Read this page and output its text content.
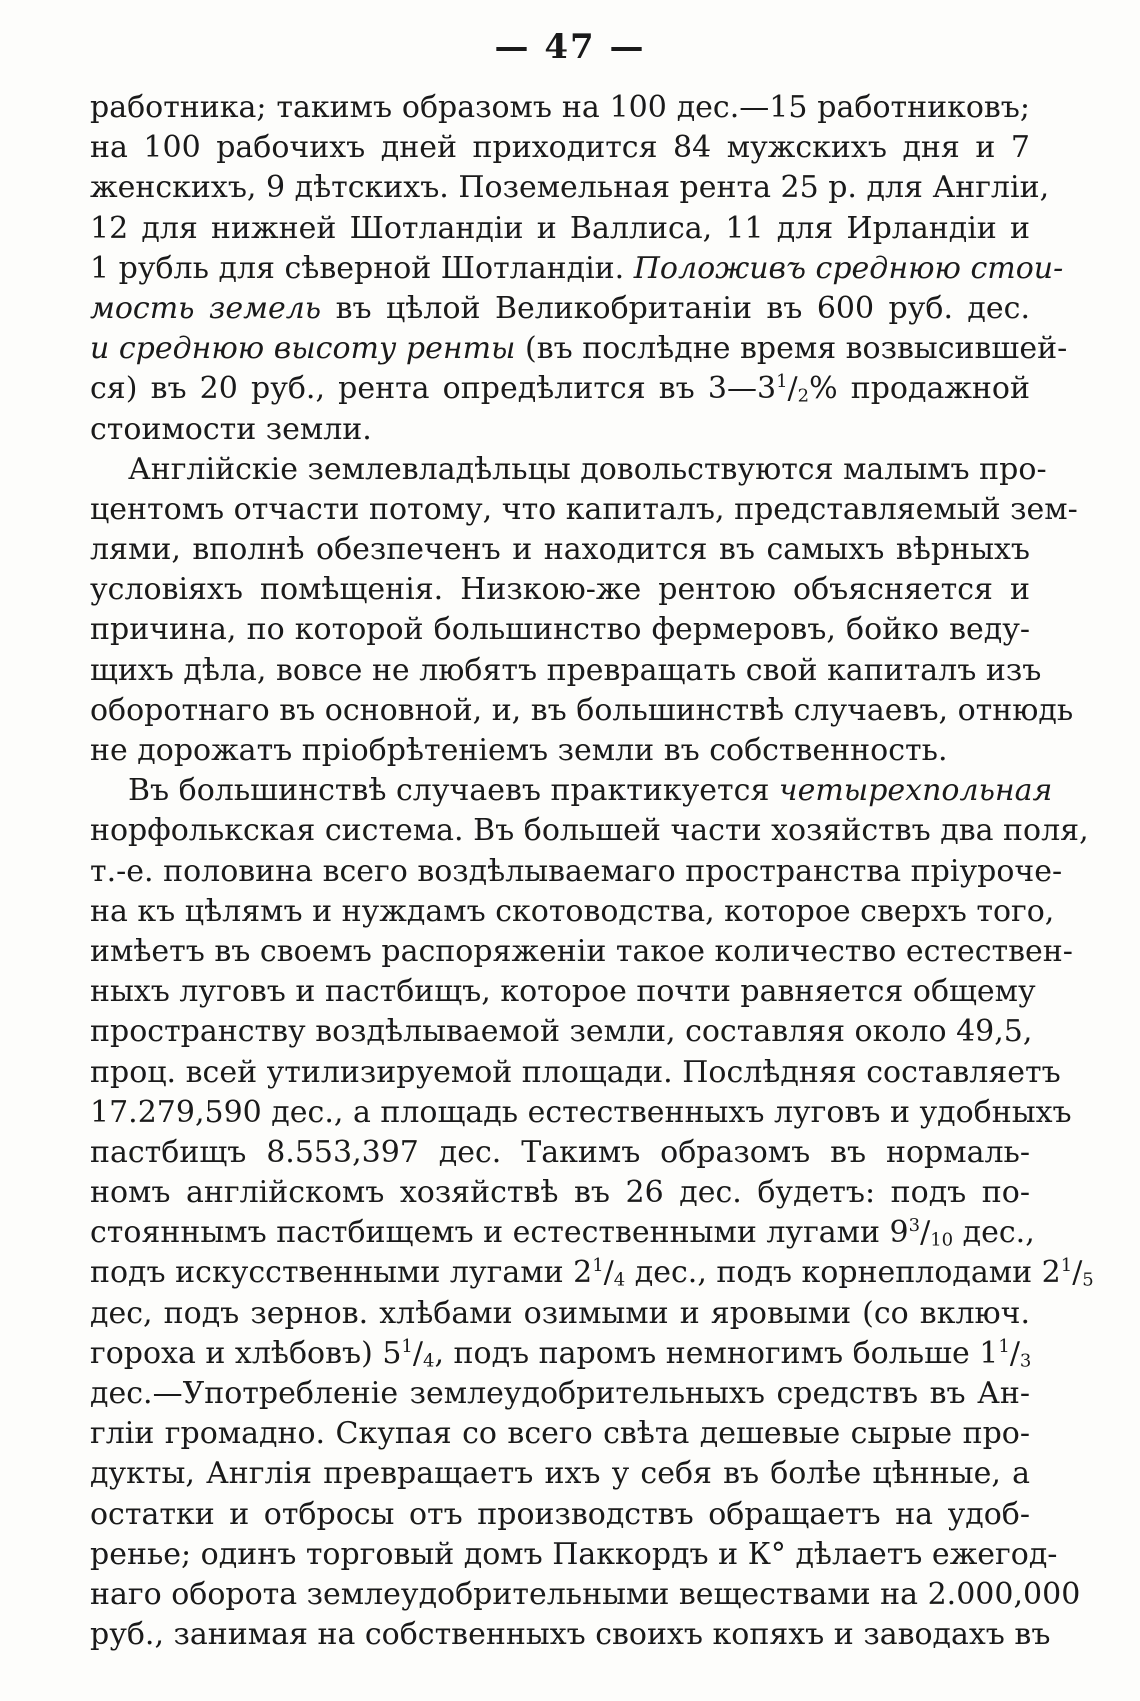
— 47 —
работника; такимъ образомъ на 100 дес.—15 работниковъ;
на 100 рабочихъ дней приходится 84 мужскихъ дня и 7
женскихъ, 9 дѣтскихъ. Поземельная рента 25 р. для Англіи,
12 для нижней Шотландіи и Валлиса, 11 для Ирландіи и
1 рубль для сѣверной Шотландіи. Положивъ среднюю стои-
мость земель въ цѣлой Великобританіи въ 600 руб. дес.
и среднюю высоту ренты (въ послѣдне время возвысившей-
ся) въ 20 руб., рента опредѣлится въ $3—3^1/_2\%$ продажной
стоимости земли.
Англійскіе землевладѣльцы довольствуются малымъ про-
центомъ отчасти потому, что капиталъ, представляемый зем-
лями, вполнѣ обезпеченъ и находится въ самыхъ вѣрныхъ
условіяхъ помѣщенія. Низкою-же рентою объясняется и
причина, по которой большинство фермеровъ, бойко веду-
щихъ дѣла, вовсе не любятъ превращать свой капиталъ изъ
оборотнаго въ основной, и, въ большинствѣ случаевъ, отнюдь
не дорожатъ пріобрѣтеніемъ земли въ собственность.
Въ большинствѣ случаевъ практикуется четырехпольная
норфолькская система. Въ большей части хозяйствъ два поля,
т.-е. половина всего воздѣлываемаго пространства пріуроче-
на къ цѣлямъ и нуждамъ скотоводства, которое сверхъ того,
имѣетъ въ своемъ распоряженіи такое количество естествен-
ныхъ луговъ и пастбищъ, которое почти равняется общему
пространству воздѣлываемой земли, составляя около 49,5,
проц. всей утилизируемой площади. Послѣдняя составляетъ
17.279,590 дес., а площадь естественныхъ луговъ и удобныхъ
пастбищъ 8.553,397 дес. Такимъ образомъ въ нормаль-
номъ англійскомъ хозяйствѣ въ 26 дес. будетъ: подъ по-
стояннымъ пастбищемъ и естественными лугами $9^3/_{10}$ дес.,
подъ искусственными лугами $2^1/_4$ дес., подъ корнеплодами $2^1/_5$
дес, подъ зернов. хлѣбами озимыми и яровыми (со включ.
гороха и хлѣбовъ) $5^1/_4$, подъ паромъ немногимъ больше $1^1/_3$
дес.—Употребленіе землеудобрительныхъ средствъ въ Ан-
гліи громадно. Скупая со всего свѣта дешевые сырые про-
дукты, Англія превращаетъ ихъ у себя въ болѣе цѣнные, а
остатки и отбросы отъ производствъ обращаетъ на удоб-
ренье; одинъ торговый домъ Паккордъ и К° дѣлаетъ ежегод-
наго оборота землеудобрительными веществами на 2.000,000
руб., занимая на собственныхъ своихъ копяхъ и заводахъ въ
